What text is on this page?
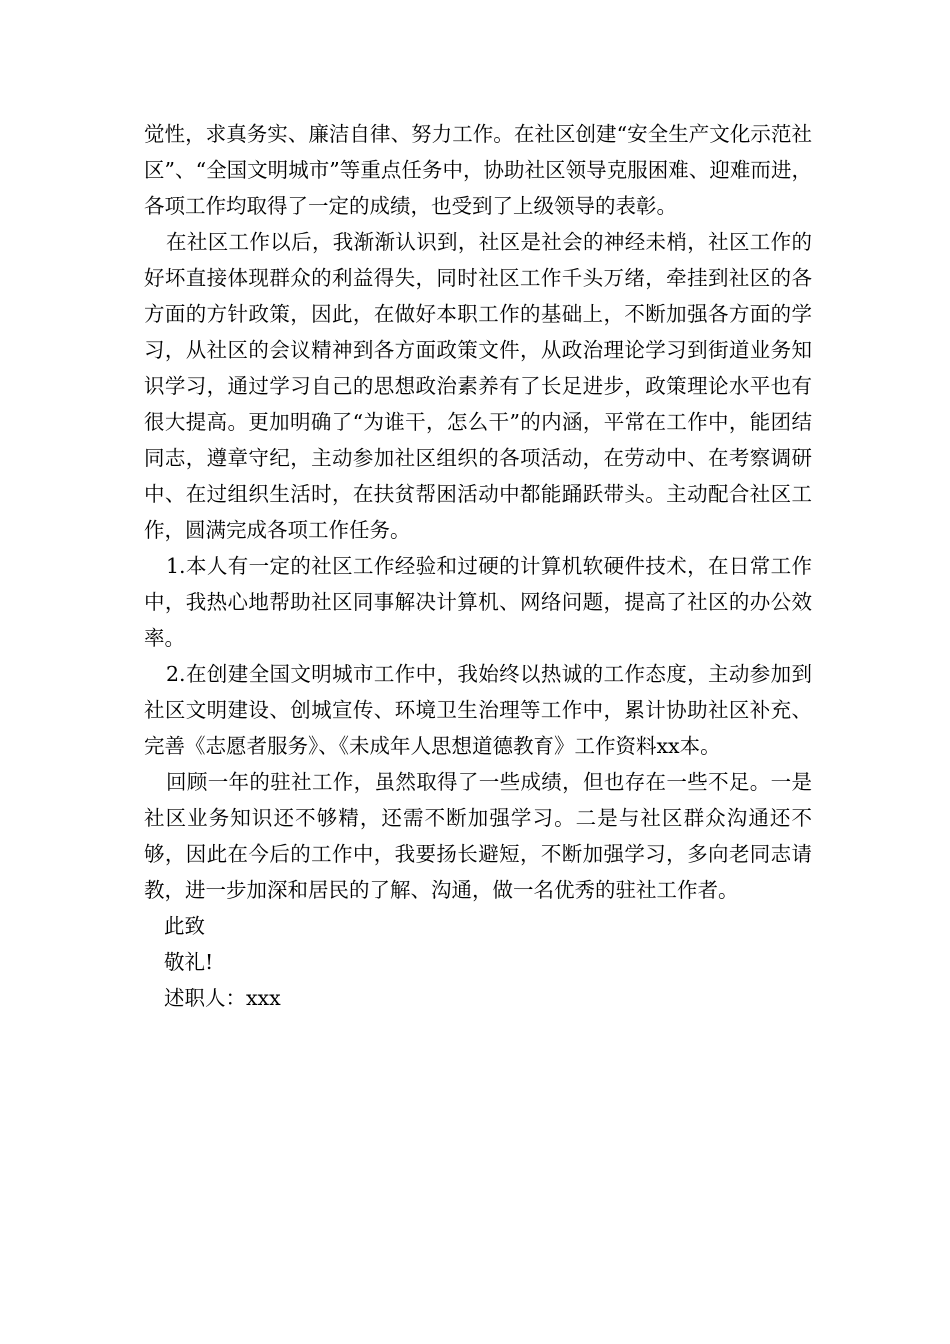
觉性，求真务实、廉洁自律、努力工作。在社区创建“安全生产文化示范社区”、“全国文明城市”等重点任务中，协助社区领导克服困难、迎难而进，各项工作均取得了一定的成绩，也受到了上级领导的表彰。

在社区工作以后，我渐渐认识到，社区是社会的神经未梢，社区工作的好坏直接体现群众的利益得失，同时社区工作千头万绪，牵挂到社区的各方面的方针政策，因此，在做好本职工作的基础上，不断加强各方面的学习，从社区的会议精神到各方面政策文件，从政治理论学习到街道业务知识学习，通过学习自己的思想政治素养有了长足进步，政策理论水平也有很大提高。更加明确了“为谁干，怎么干”的内涵，平常在工作中，能团结同志，遵章守纪，主动参加社区组织的各项活动，在劳动中、在考察调研中、在过组织生活时，在扶贫帮困活动中都能踊跃带头。主动配合社区工作，圆满完成各项工作任务。

1.本人有一定的社区工作经验和过硬的计算机软硬件技术，在日常工作中，我热心地帮助社区同事解决计算机、网络问题，提高了社区的办公效率。

2.在创建全国文明城市工作中，我始终以热诚的工作态度，主动参加到社区文明建设、创城宣传、环境卫生治理等工作中，累计协助社区补充、完善《志愿者服务》、《未成年人思想道德教育》工作资料xx本。

回顾一年的驻社工作，虽然取得了一些成绩，但也存在一些不足。一是社区业务知识还不够精，还需不断加强学习。二是与社区群众沟通还不够，因此在今后的工作中，我要扬长避短，不断加强学习，多向老同志请教，进一步加深和居民的了解、沟通，做一名优秀的驻社工作者。

此致

敬礼!

述职人：xxx
